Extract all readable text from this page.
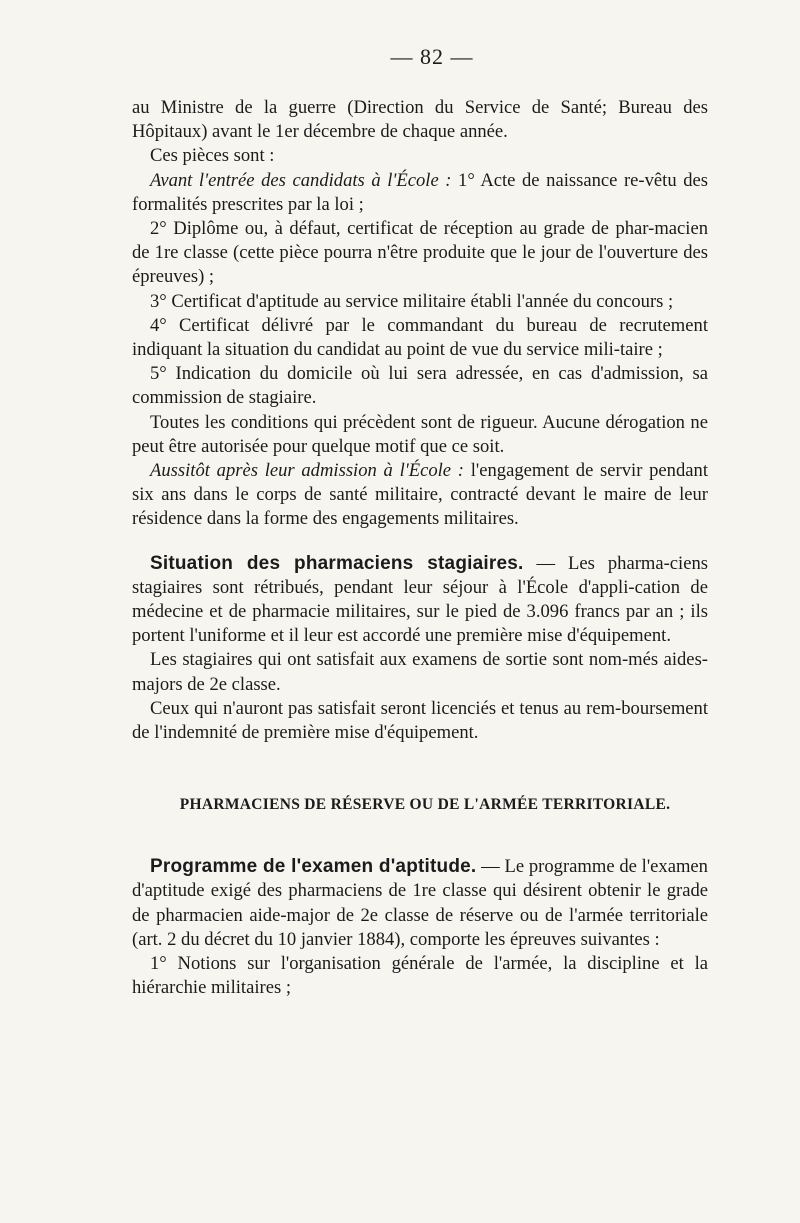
— 82 —

au Ministre de la guerre (Direction du Service de Santé; Bureau des Hôpitaux) avant le 1er décembre de chaque année.

Ces pièces sont :

Avant l'entrée des candidats à l'École : 1° Acte de naissance re-vêtu des formalités prescrites par la loi ;

2° Diplôme ou, à défaut, certificat de réception au grade de phar-macien de 1re classe (cette pièce pourra n'être produite que le jour de l'ouverture des épreuves) ;

3° Certificat d'aptitude au service militaire établi l'année du concours ;

4° Certificat délivré par le commandant du bureau de recrutement indiquant la situation du candidat au point de vue du service mili-taire ;

5° Indication du domicile où lui sera adressée, en cas d'admission, sa commission de stagiaire.

Toutes les conditions qui précèdent sont de rigueur. Aucune dérogation ne peut être autorisée pour quelque motif que ce soit.

Aussitôt après leur admission à l'École : l'engagement de servir pendant six ans dans le corps de santé militaire, contracté devant le maire de leur résidence dans la forme des engagements militaires.

Situation des pharmaciens stagiaires. — Les pharma-ciens stagiaires sont rétribués, pendant leur séjour à l'École d'appli-cation de médecine et de pharmacie militaires, sur le pied de 3.096 francs par an ; ils portent l'uniforme et il leur est accordé une première mise d'équipement.

Les stagiaires qui ont satisfait aux examens de sortie sont nom-més aides-majors de 2e classe.

Ceux qui n'auront pas satisfait seront licenciés et tenus au rem-boursement de l'indemnité de première mise d'équipement.

PHARMACIENS DE RÉSERVE OU DE L'ARMÉE TERRITORIALE.

Programme de l'examen d'aptitude. — Le programme de l'examen d'aptitude exigé des pharmaciens de 1re classe qui désirent obtenir le grade de pharmacien aide-major de 2e classe de réserve ou de l'armée territoriale (art. 2 du décret du 10 janvier 1884), comporte les épreuves suivantes :

1° Notions sur l'organisation générale de l'armée, la discipline et la hiérarchie militaires ;
